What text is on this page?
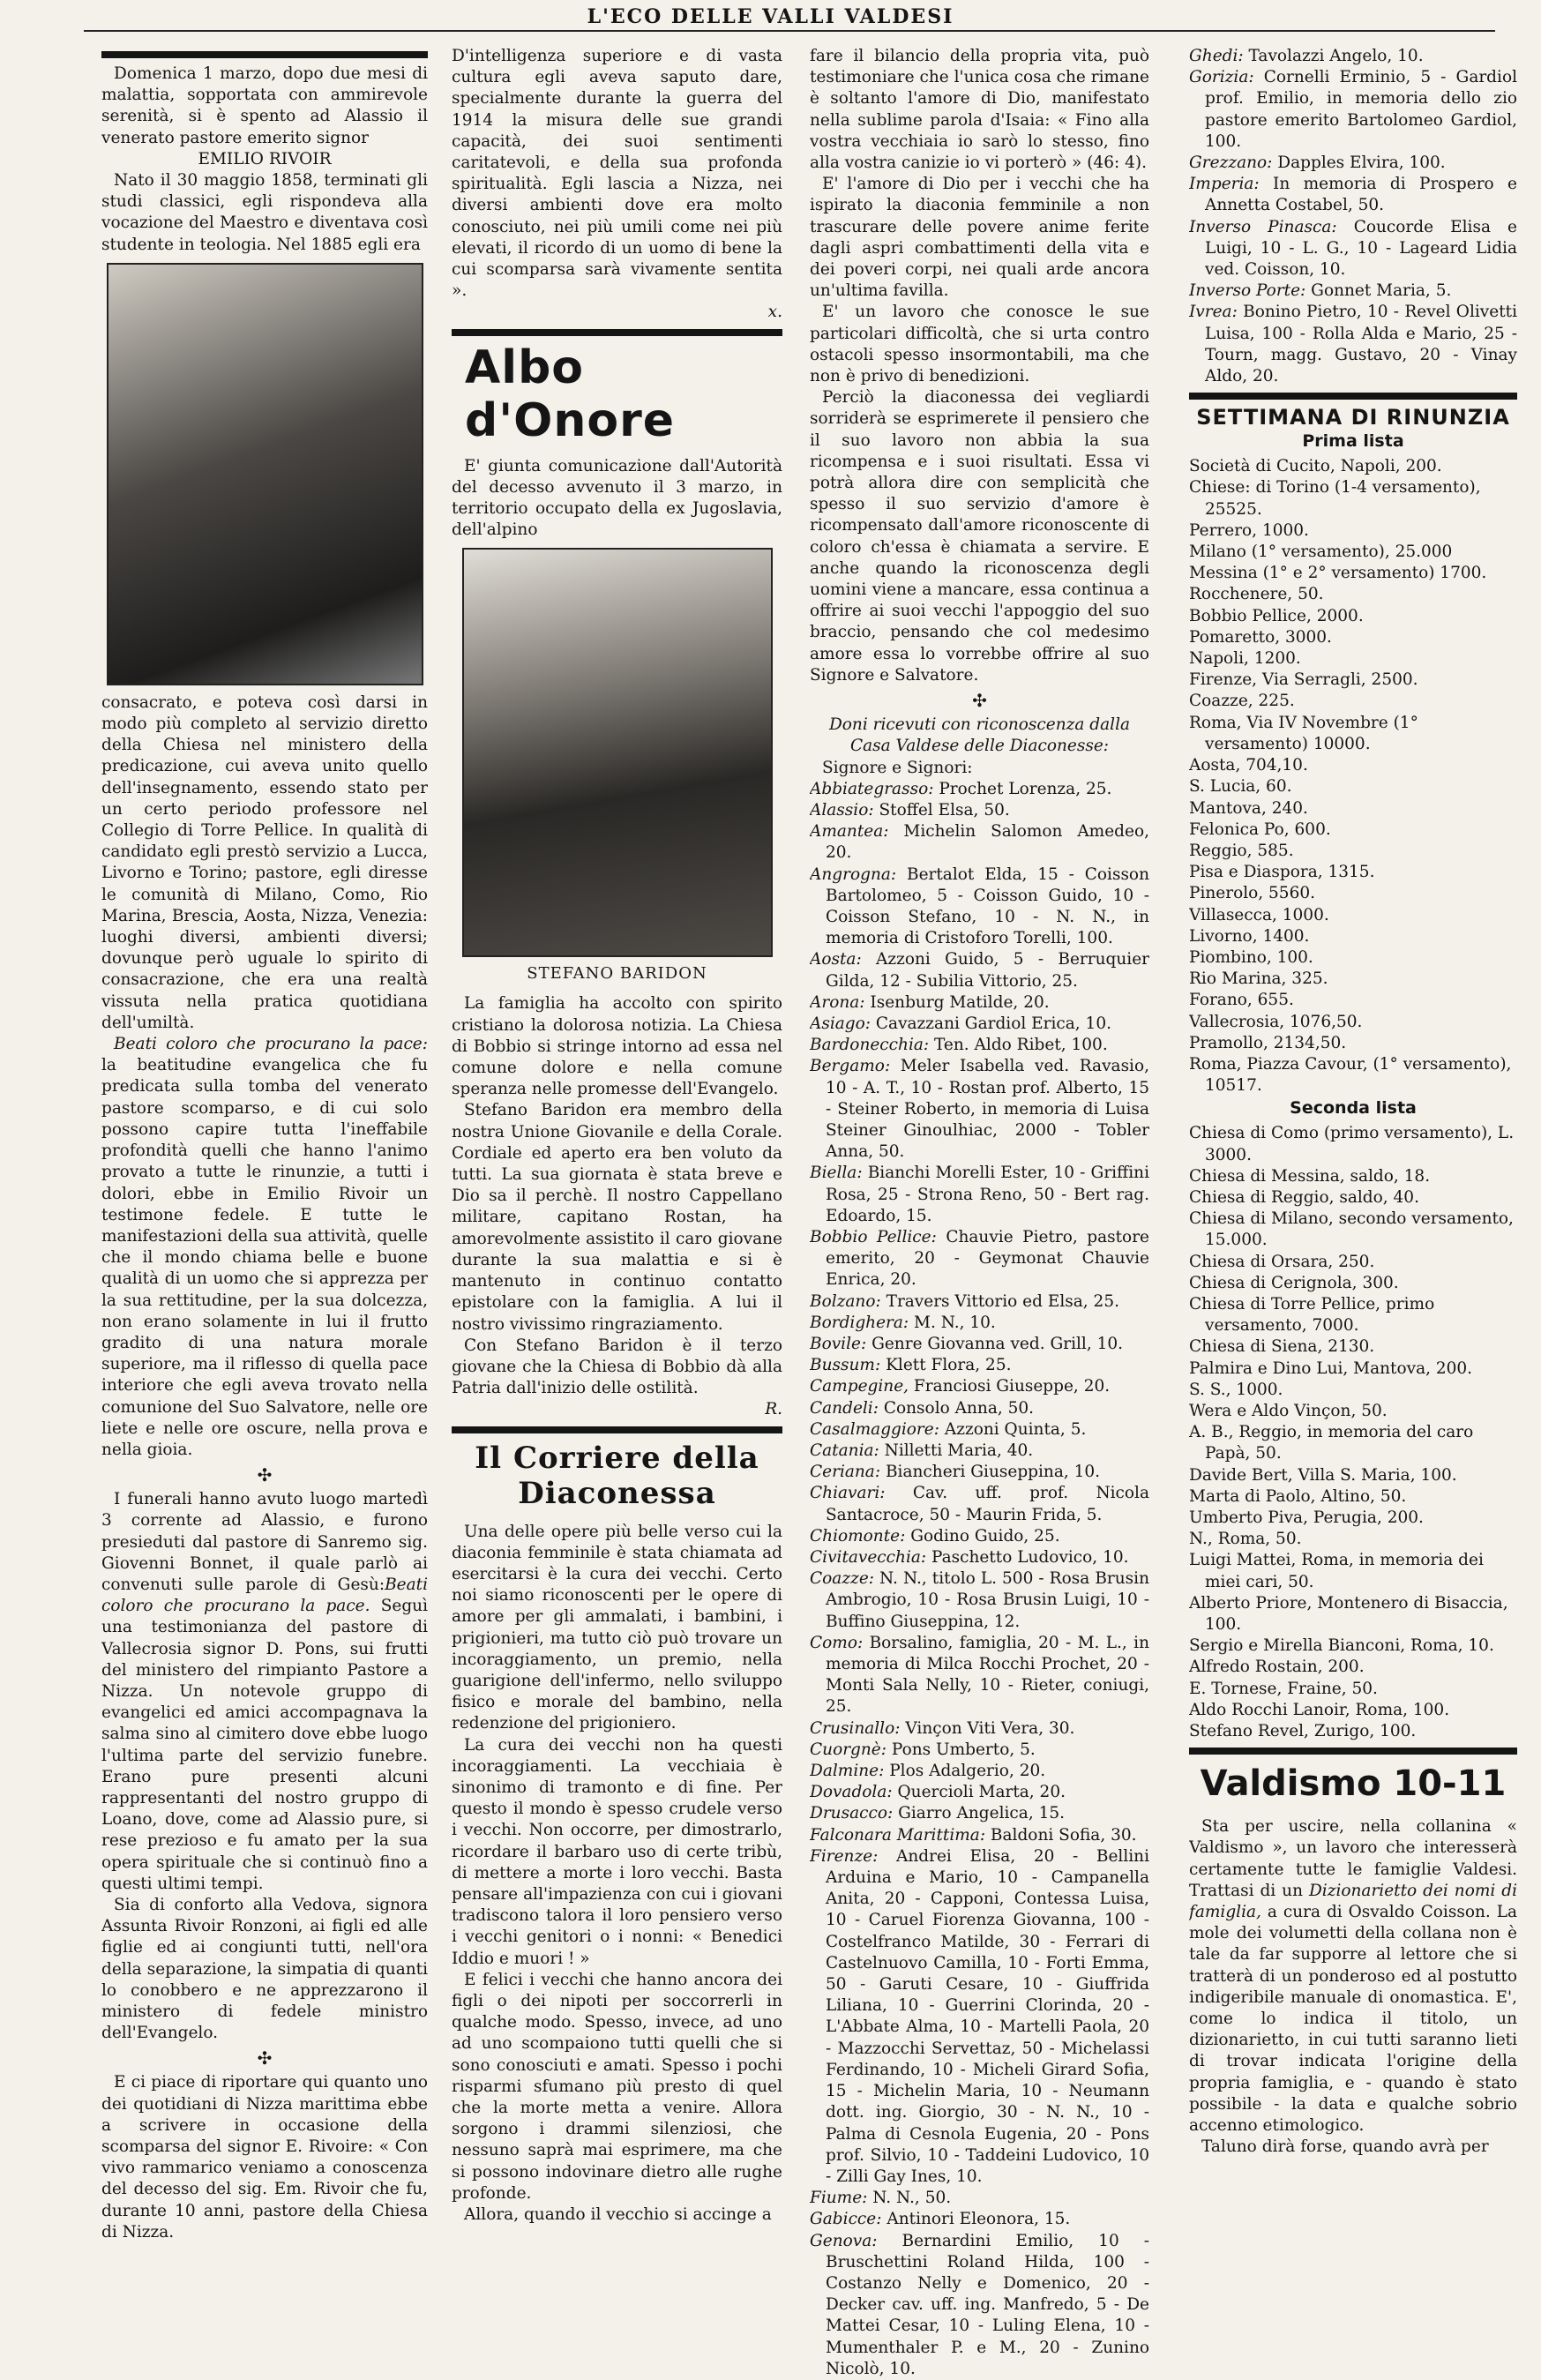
L'ECO DELLE VALLI VALDESI

Domenica 1 marzo, dopo due mesi di malattia, sopportata con ammirevole serenità, si è spento ad Alassio il venerato pastore emerito signor

EMILIO RIVOIR

Nato il 30 maggio 1858, terminati gli studi classici, egli rispondeva alla vocazione del Maestro e diventava così studente in teologia. Nel 1885 egli era

consacrato, e poteva così darsi in modo più completo al servizio diretto della Chiesa nel ministero della predicazione, cui aveva unito quello dell'insegnamento, essendo stato per un certo periodo professore nel Collegio di Torre Pellice. In qualità di candidato egli prestò servizio a Lucca, Livorno e Torino; pastore, egli diresse le comunità di Milano, Como, Rio Marina, Brescia, Aosta, Nizza, Venezia: luoghi diversi, ambienti diversi; dovunque però uguale lo spirito di consacrazione, che era una realtà vissuta nella pratica quotidiana dell'umiltà.

Beati coloro che procurano la pace: la beatitudine evangelica che fu predicata sulla tomba del venerato pastore scomparso, e di cui solo possono capire tutta l'ineffabile profondità quelli che hanno l'animo provato a tutte le rinunzie, a tutti i dolori, ebbe in Emilio Rivoir un testimone fedele. E tutte le manifestazioni della sua attività, quelle che il mondo chiama belle e buone qualità di un uomo che si apprezza per la sua rettitudine, per la sua dolcezza, non erano solamente in lui il frutto gradito di una natura morale superiore, ma il riflesso di quella pace interiore che egli aveva trovato nella comunione del Suo Salvatore, nelle ore liete e nelle ore oscure, nella prova e nella gioia.

✣

I funerali hanno avuto luogo martedì 3 corrente ad Alassio, e furono presieduti dal pastore di Sanremo sig. Giovenni Bonnet, il quale parlò ai convenuti sulle parole di Gesù:Beati coloro che procurano la pace. Seguì una testimonianza del pastore di Vallecrosia signor D. Pons, sui frutti del ministero del rimpianto Pastore a Nizza. Un notevole gruppo di evangelici ed amici accompagnava la salma sino al cimitero dove ebbe luogo l'ultima parte del servizio funebre. Erano pure presenti alcuni rappresentanti del nostro gruppo di Loano, dove, come ad Alassio pure, si rese prezioso e fu amato per la sua opera spirituale che si continuò fino a questi ultimi tempi.

Sia di conforto alla Vedova, signora Assunta Rivoir Ronzoni, ai figli ed alle figlie ed ai congiunti tutti, nell'ora della separazione, la simpatia di quanti lo conobbero e ne apprezzarono il ministero di fedele ministro dell'Evangelo.

✣

E ci piace di riportare qui quanto uno dei quotidiani di Nizza marittima ebbe a scrivere in occasione della scomparsa del signor E. Rivoire: « Con vivo rammarico veniamo a conoscenza del decesso del sig. Em. Rivoir che fu, durante 10 anni, pastore della Chiesa di Nizza.

D'intelligenza superiore e di vasta cultura egli aveva saputo dare, specialmente durante la guerra del 1914 la misura delle sue grandi capacità, dei suoi sentimenti caritatevoli, e della sua profonda spiritualità. Egli lascia a Nizza, nei diversi ambienti dove era molto conosciuto, nei più umili come nei più elevati, il ricordo di un uomo di bene la cui scomparsa sarà vivamente sentita ».

x.

Albo d'Onore

E' giunta comunicazione dall'Autorità del decesso avvenuto il 3 marzo, in territorio occupato della ex Jugoslavia, dell'alpino

STEFANO BARIDON

La famiglia ha accolto con spirito cristiano la dolorosa notizia. La Chiesa di Bobbio si stringe intorno ad essa nel comune dolore e nella comune speranza nelle promesse dell'Evangelo.

Stefano Baridon era membro della nostra Unione Giovanile e della Corale. Cordiale ed aperto era ben voluto da tutti. La sua giornata è stata breve e Dio sa il perchè. Il nostro Cappellano militare, capitano Rostan, ha amorevolmente assistito il caro giovane durante la sua malattia e si è mantenuto in continuo contatto epistolare con la famiglia. A lui il nostro vivissimo ringraziamento.

Con Stefano Baridon è il terzo giovane che la Chiesa di Bobbio dà alla Patria dall'inizio delle ostilità.

R.

Il Corriere della Diaconessa

Una delle opere più belle verso cui la diaconia femminile è stata chiamata ad esercitarsi è la cura dei vecchi. Certo noi siamo riconoscenti per le opere di amore per gli ammalati, i bambini, i prigionieri, ma tutto ciò può trovare un incoraggiamento, un premio, nella guarigione dell'infermo, nello sviluppo fisico e morale del bambino, nella redenzione del prigioniero.

La cura dei vecchi non ha questi incoraggiamenti. La vecchiaia è sinonimo di tramonto e di fine. Per questo il mondo è spesso crudele verso i vecchi. Non occorre, per dimostrarlo, ricordare il barbaro uso di certe tribù, di mettere a morte i loro vecchi. Basta pensare all'impazienza con cui i giovani tradiscono talora il loro pensiero verso i vecchi genitori o i nonni: « Benedici Iddio e muori ! »

E felici i vecchi che hanno ancora dei figli o dei nipoti per soccorrerli in qualche modo. Spesso, invece, ad uno ad uno scompaiono tutti quelli che si sono conosciuti e amati. Spesso i pochi risparmi sfumano più presto di quel che la morte metta a venire. Allora sorgono i drammi silenziosi, che nessuno saprà mai esprimere, ma che si possono indovinare dietro alle rughe profonde.

Allora, quando il vecchio si accinge a

fare il bilancio della propria vita, può testimoniare che l'unica cosa che rimane è soltanto l'amore di Dio, manifestato nella sublime parola d'Isaia: « Fino alla vostra vecchiaia io sarò lo stesso, fino alla vostra canizie io vi porterò » (46: 4).

E' l'amore di Dio per i vecchi che ha ispirato la diaconia femminile a non trascurare delle povere anime ferite dagli aspri combattimenti della vita e dei poveri corpi, nei quali arde ancora un'ultima favilla.

E' un lavoro che conosce le sue particolari difficoltà, che si urta contro ostacoli spesso insormontabili, ma che non è privo di benedizioni.

Perciò la diaconessa dei vegliardi sorriderà se esprimerete il pensiero che il suo lavoro non abbia la sua ricompensa e i suoi risultati. Essa vi potrà allora dire con semplicità che spesso il suo servizio d'amore è ricompensato dall'amore riconoscente di coloro ch'essa è chiamata a servire. E anche quando la riconoscenza degli uomini viene a mancare, essa continua a offrire ai suoi vecchi l'appoggio del suo braccio, pensando che col medesimo amore essa lo vorrebbe offrire al suo Signore e Salvatore.

✣

Doni ricevuti con riconoscenza dalla Casa Valdese delle Diaconesse:

Signore e Signori:

Abbiategrasso: Prochet Lorenza, 25.

Alassio: Stoffel Elsa, 50.

Amantea: Michelin Salomon Amedeo, 20.

Angrogna: Bertalot Elda, 15 - Coisson Bartolomeo, 5 - Coisson Guido, 10 - Coisson Stefano, 10 - N. N., in memoria di Cristoforo Torelli, 100.

Aosta: Azzoni Guido, 5 - Berruquier Gilda, 12 - Subilia Vittorio, 25.

Arona: Isenburg Matilde, 20.

Asiago: Cavazzani Gardiol Erica, 10.

Bardonecchia: Ten. Aldo Ribet, 100.

Bergamo: Meler Isabella ved. Ravasio, 10 - A. T., 10 - Rostan prof. Alberto, 15 - Steiner Roberto, in memoria di Luisa Steiner Ginoulhiac, 2000 - Tobler Anna, 50.

Biella: Bianchi Morelli Ester, 10 - Griffini Rosa, 25 - Strona Reno, 50 - Bert rag. Edoardo, 15.

Bobbio Pellice: Chauvie Pietro, pastore emerito, 20 - Geymonat Chauvie Enrica, 20.

Bolzano: Travers Vittorio ed Elsa, 25.

Bordighera: M. N., 10.

Bovile: Genre Giovanna ved. Grill, 10.

Bussum: Klett Flora, 25.

Campegine, Franciosi Giuseppe, 20.

Candeli: Consolo Anna, 50.

Casalmaggiore: Azzoni Quinta, 5.

Catania: Nilletti Maria, 40.

Ceriana: Biancheri Giuseppina, 10.

Chiavari: Cav. uff. prof. Nicola Santacroce, 50 - Maurin Frida, 5.

Chiomonte: Godino Guido, 25.

Civitavecchia: Paschetto Ludovico, 10.

Coazze: N. N., titolo L. 500 - Rosa Brusin Ambrogio, 10 - Rosa Brusin Luigi, 10 - Buffino Giuseppina, 12.

Como: Borsalino, famiglia, 20 - M. L., in memoria di Milca Rocchi Prochet, 20 - Monti Sala Nelly, 10 - Rieter, coniugi, 25.

Crusinallo: Vinçon Viti Vera, 30.

Cuorgnè: Pons Umberto, 5.

Dalmine: Plos Adalgerio, 20.

Dovadola: Quercioli Marta, 20.

Drusacco: Giarro Angelica, 15.

Falconara Marittima: Baldoni Sofia, 30.

Firenze: Andrei Elisa, 20 - Bellini Arduina e Mario, 10 - Campanella Anita, 20 - Capponi, Contessa Luisa, 10 - Caruel Fiorenza Giovanna, 100 - Costelfranco Matilde, 30 - Ferrari di Castelnuovo Camilla, 10 - Forti Emma, 50 - Garuti Cesare, 10 - Giuffrida Liliana, 10 - Guerrini Clorinda, 20 - L'Abbate Alma, 10 - Martelli Paola, 20 - Mazzocchi Servettaz, 50 - Michelassi Ferdinando, 10 - Micheli Girard Sofia, 15 - Michelin Maria, 10 - Neumann dott. ing. Giorgio, 30 - N. N., 10 - Palma di Cesnola Eugenia, 20 - Pons prof. Silvio, 10 - Taddeini Ludovico, 10 - Zilli Gay Ines, 10.

Fiume: N. N., 50.

Gabicce: Antinori Eleonora, 15.

Genova: Bernardini Emilio, 10 - Bruschettini Roland Hilda, 100 - Costanzo Nelly e Domenico, 20 - Decker cav. uff. ing. Manfredo, 5 - De Mattei Cesar, 10 - Luling Elena, 10 - Mumenthaler P. e M., 20 - Zunino Nicolò, 10.

Ghedi: Tavolazzi Angelo, 10.

Gorizia: Cornelli Erminio, 5 - Gardiol prof. Emilio, in memoria dello zio pastore emerito Bartolomeo Gardiol, 100.

Grezzano: Dapples Elvira, 100.

Imperia: In memoria di Prospero e Annetta Costabel, 50.

Inverso Pinasca: Coucorde Elisa e Luigi, 10 - L. G., 10 - Lageard Lidia ved. Coisson, 10.

Inverso Porte: Gonnet Maria, 5.

Ivrea: Bonino Pietro, 10 - Revel Olivetti Luisa, 100 - Rolla Alda e Mario, 25 - Tourn, magg. Gustavo, 20 - Vinay Aldo, 20.

SETTIMANA DI RINUNZIA
Prima lista
Società di Cucito, Napoli, 200.
Chiese: di Torino (1-4 versamento), 25525.
Perrero, 1000.
Milano (1° versamento), 25.000
Messina (1° e 2° versamento) 1700.
Rocchenere, 50.
Bobbio Pellice, 2000.
Pomaretto, 3000.
Napoli, 1200.
Firenze, Via Serragli, 2500.
Coazze, 225.
Roma, Via IV Novembre (1° versamento) 10000.
Aosta, 704,10.
S. Lucia, 60.
Mantova, 240.
Felonica Po, 600.
Reggio, 585.
Pisa e Diaspora, 1315.
Pinerolo, 5560.
Villasecca, 1000.
Livorno, 1400.
Piombino, 100.
Rio Marina, 325.
Forano, 655.
Vallecrosia, 1076,50.
Pramollo, 2134,50.
Roma, Piazza Cavour, (1° versamento), 10517.
Seconda lista
Chiesa di Como (primo versamento), L. 3000.
Chiesa di Messina, saldo, 18.
Chiesa di Reggio, saldo, 40.
Chiesa di Milano, secondo versamento, 15.000.
Chiesa di Orsara, 250.
Chiesa di Cerignola, 300.
Chiesa di Torre Pellice, primo versamento, 7000.
Chiesa di Siena, 2130.
Palmira e Dino Lui, Mantova, 200.
S. S., 1000.
Wera e Aldo Vinçon, 50.
A. B., Reggio, in memoria del caro Papà, 50.
Davide Bert, Villa S. Maria, 100.
Marta di Paolo, Altino, 50.
Umberto Piva, Perugia, 200.
N., Roma, 50.
Luigi Mattei, Roma, in memoria dei miei cari, 50.
Alberto Priore, Montenero di Bisaccia, 100.
Sergio e Mirella Bianconi, Roma, 10.
Alfredo Rostain, 200.
E. Tornese, Fraine, 50.
Aldo Rocchi Lanoir, Roma, 100.
Stefano Revel, Zurigo, 100.
Valdismo 10-11

Sta per uscire, nella collanina « Valdismo », un lavoro che interesserà certamente tutte le famiglie Valdesi. Trattasi di un Dizionarietto dei nomi di famiglia, a cura di Osvaldo Coisson. La mole dei volumetti della collana non è tale da far supporre al lettore che si tratterà di un ponderoso ed al postutto indigeribile manuale di onomastica. E', come lo indica il titolo, un dizionarietto, in cui tutti saranno lieti di trovar indicata l'origine della propria famiglia, e - quando è stato possibile - la data e qualche sobrio accenno etimologico.

Taluno dirà forse, quando avrà per
